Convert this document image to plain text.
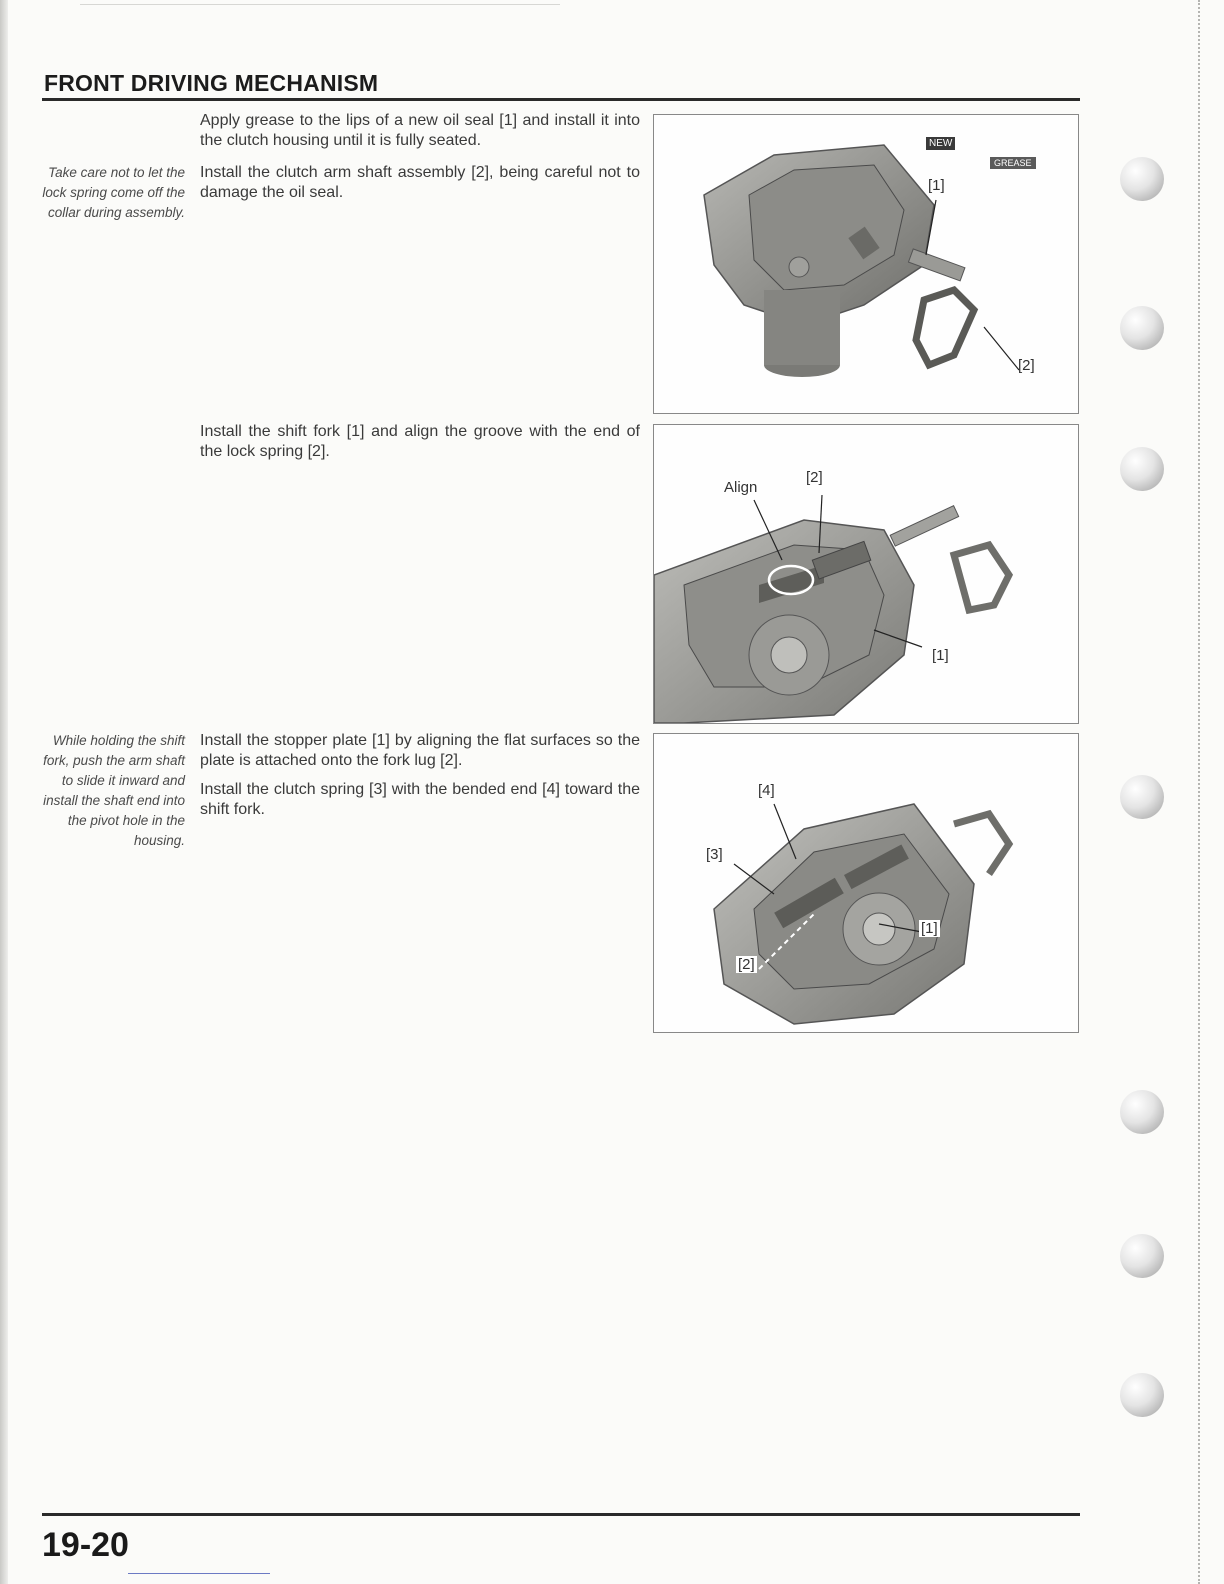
FRONT DRIVING MECHANISM
Take care not to let the lock spring come off the collar during assembly.
While holding the shift fork, push the arm shaft to slide it inward and install the shaft end into the pivot hole in the housing.

Apply grease to the lips of a new oil seal [1] and install it into the clutch housing until it is fully seated.

Install the clutch arm shaft assembly [2], being careful not to damage the oil seal.

Install the shift fork [1] and align the groove with the end of the lock spring [2].

Install the stopper plate [1] by aligning the flat surfaces so the plate is attached onto the fork lug [2].

Install the clutch spring [3] with the bended end [4] toward the shift fork.

NEW
GREASE
[1]
[2]
Align
[2]
[1]
[4]
[3]
[1]
[2]
19-20
